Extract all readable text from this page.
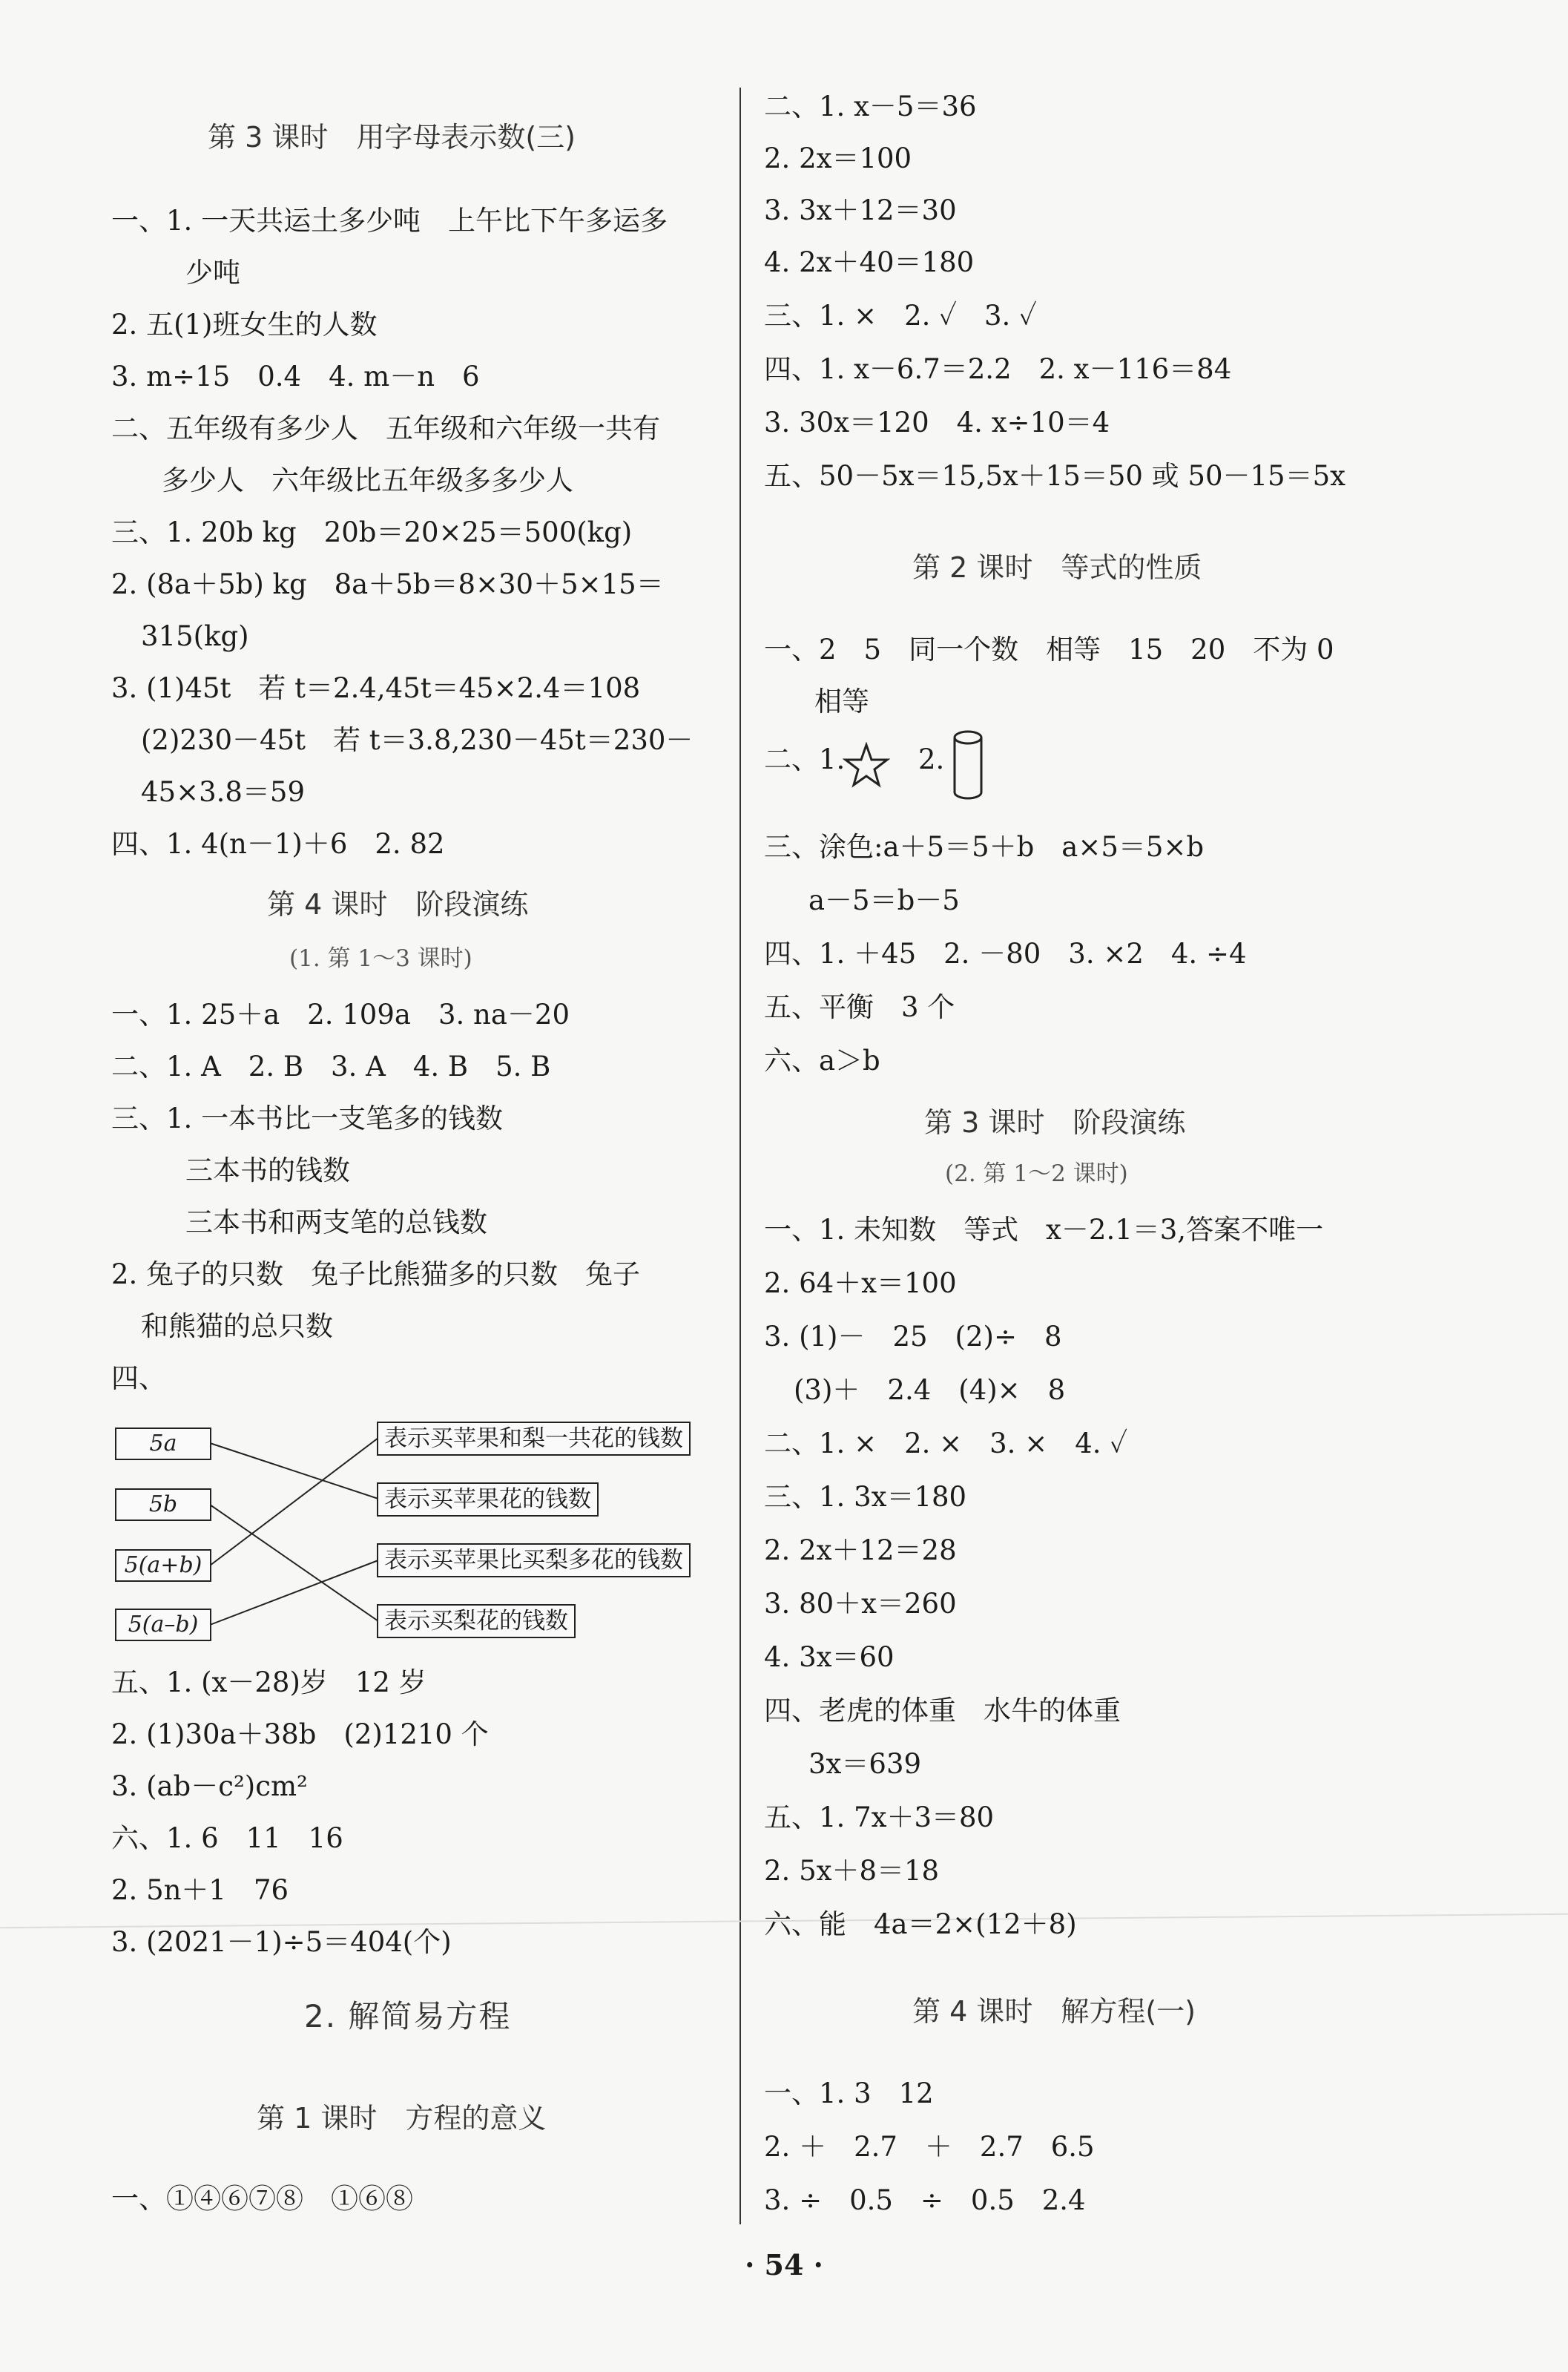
第 3 课时　用字母表示数(三)
一、1. 一天共运土多少吨　上午比下午多运多
少吨
2. 五(1)班女生的人数
3. m÷15　0.4　4. m－n　6
二、五年级有多少人　五年级和六年级一共有
多少人　六年级比五年级多多少人
三、1. 20b kg　20b＝20×25＝500(kg)
2. (8a＋5b) kg　8a＋5b＝8×30＋5×15＝
315(kg)
3. (1)45t　若 t＝2.4,45t＝45×2.4＝108
(2)230－45t　若 t＝3.8,230－45t＝230－
45×3.8＝59
四、1. 4(n－1)＋6　2. 82
第 4 课时　阶段演练
(1. 第 1～3 课时)
一、1. 25＋a　2. 109a　3. na－20
二、1. A　2. B　3. A　4. B　5. B
三、1. 一本书比一支笔多的钱数
三本书的钱数
三本书和两支笔的总钱数
2. 兔子的只数　兔子比熊猫多的只数　兔子
和熊猫的总只数
四、
5a
5b
5(a+b)
5(a–b)
表示买苹果和梨一共花的钱数
表示买苹果花的钱数
表示买苹果比买梨多花的钱数
表示买梨花的钱数
五、1. (x－28)岁　12 岁
2. (1)30a＋38b　(2)1210 个
3. (ab－c²)cm²
六、1. 6　11　16
2. 5n＋1　76
3. (2021－1)÷5＝404(个)
2. 解简易方程
第 1 课时　方程的意义
一、①④⑥⑦⑧　①⑥⑧
二、1. x－5＝36
2. 2x＝100
3. 3x＋12＝30
4. 2x＋40＝180
三、1. ×　2. ✓　3. ✓
四、1. x－6.7＝2.2　2. x－116＝84
3. 30x＝120　4. x÷10＝4
五、50－5x＝15,5x＋15＝50 或 50－15＝5x
第 2 课时　等式的性质
一、2　5　同一个数　相等　15　20　不为 0
相等
二、1.	2.
三、涂色:a＋5＝5＋b　a×5＝5×b
a－5＝b－5
四、1. ＋45　2. －80　3. ×2　4. ÷4
五、平衡　3 个
六、a＞b
第 3 课时　阶段演练
(2. 第 1～2 课时)
一、1. 未知数　等式　x－2.1＝3,答案不唯一
2. 64＋x＝100
3. (1)－　25　(2)÷　8
(3)＋　2.4　(4)×　8
二、1. ×　2. ×　3. ×　4. ✓
三、1. 3x＝180
2. 2x＋12＝28
3. 80＋x＝260
4. 3x＝60
四、老虎的体重　水牛的体重
3x＝639
五、1. 7x＋3＝80
2. 5x＋8＝18
六、能　4a＝2×(12＋8)
第 4 课时　解方程(一)
一、1. 3　12
2. ＋　2.7　＋　2.7　6.5
3. ÷　0.5　÷　0.5　2.4
· 54 ·
